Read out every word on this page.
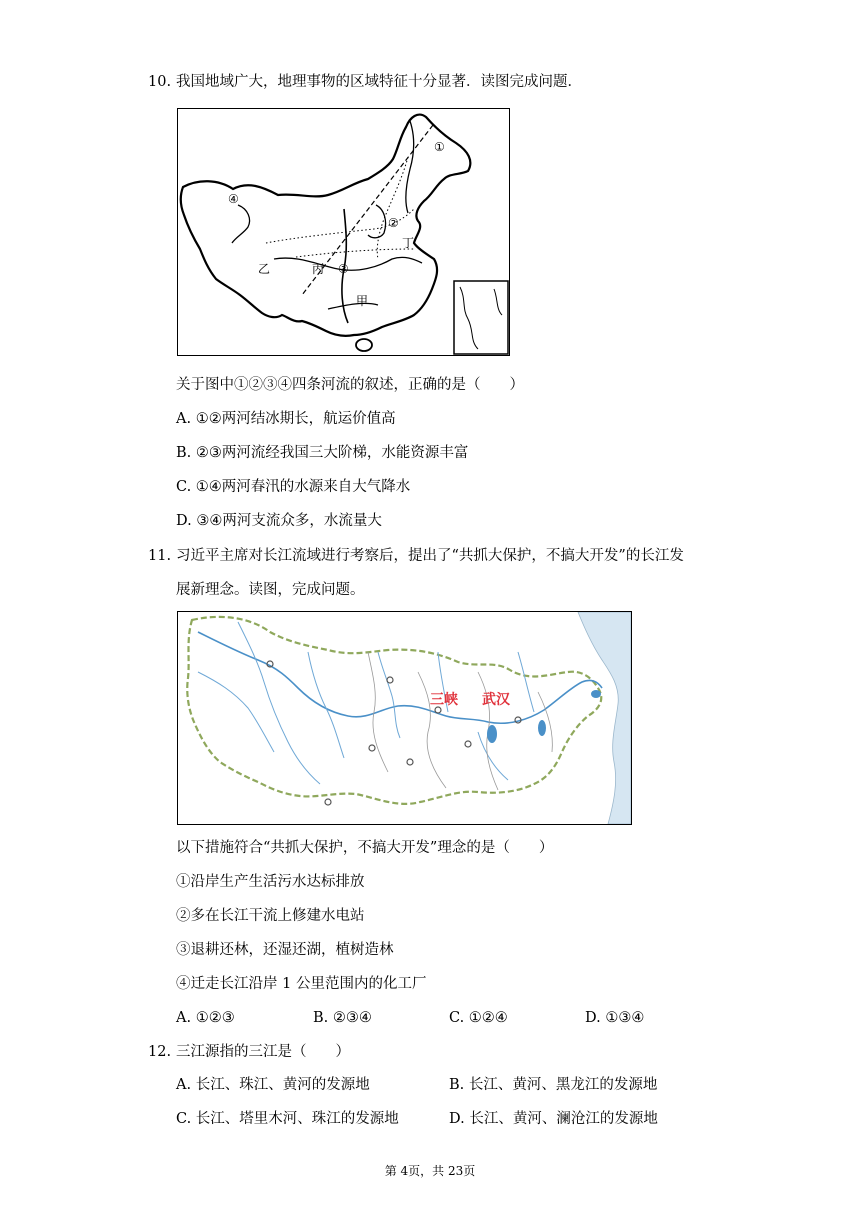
10. 我国地域广大，地理事物的区域特征十分显著．读图完成问题．
①
②
③
④
甲
乙	丙
丁
关于图中①②③④四条河流的叙述，正确的是（　　）
A. ①②两河结冰期长，航运价值高
B. ②③两河流经我国三大阶梯，水能资源丰富
C. ①④两河春汛的水源来自大气降水
D. ③④两河支流众多，水流量大
11. 习近平主席对长江流域进行考察后，提出了“共抓大保护，不搞大开发”的长江发
展新理念。读图，完成问题。
三峡 武汉
以下措施符合“共抓大保护，不搞大开发”理念的是（　　）
①沿岸生产生活污水达标排放
②多在长江干流上修建水电站
③退耕还林，还湿还湖，植树造林
④迁走长江沿岸 1 公里范围内的化工厂
A. ①②③	B. ②③④	C. ①②④	D. ①③④
12. 三江源指的三江是（　　）
A. 长江、珠江、黄河的发源地	B. 长江、黄河、黑龙江的发源地
C. 长江、塔里木河、珠江的发源地	D. 长江、黄河、澜沧江的发源地
第 4页，共 23页
